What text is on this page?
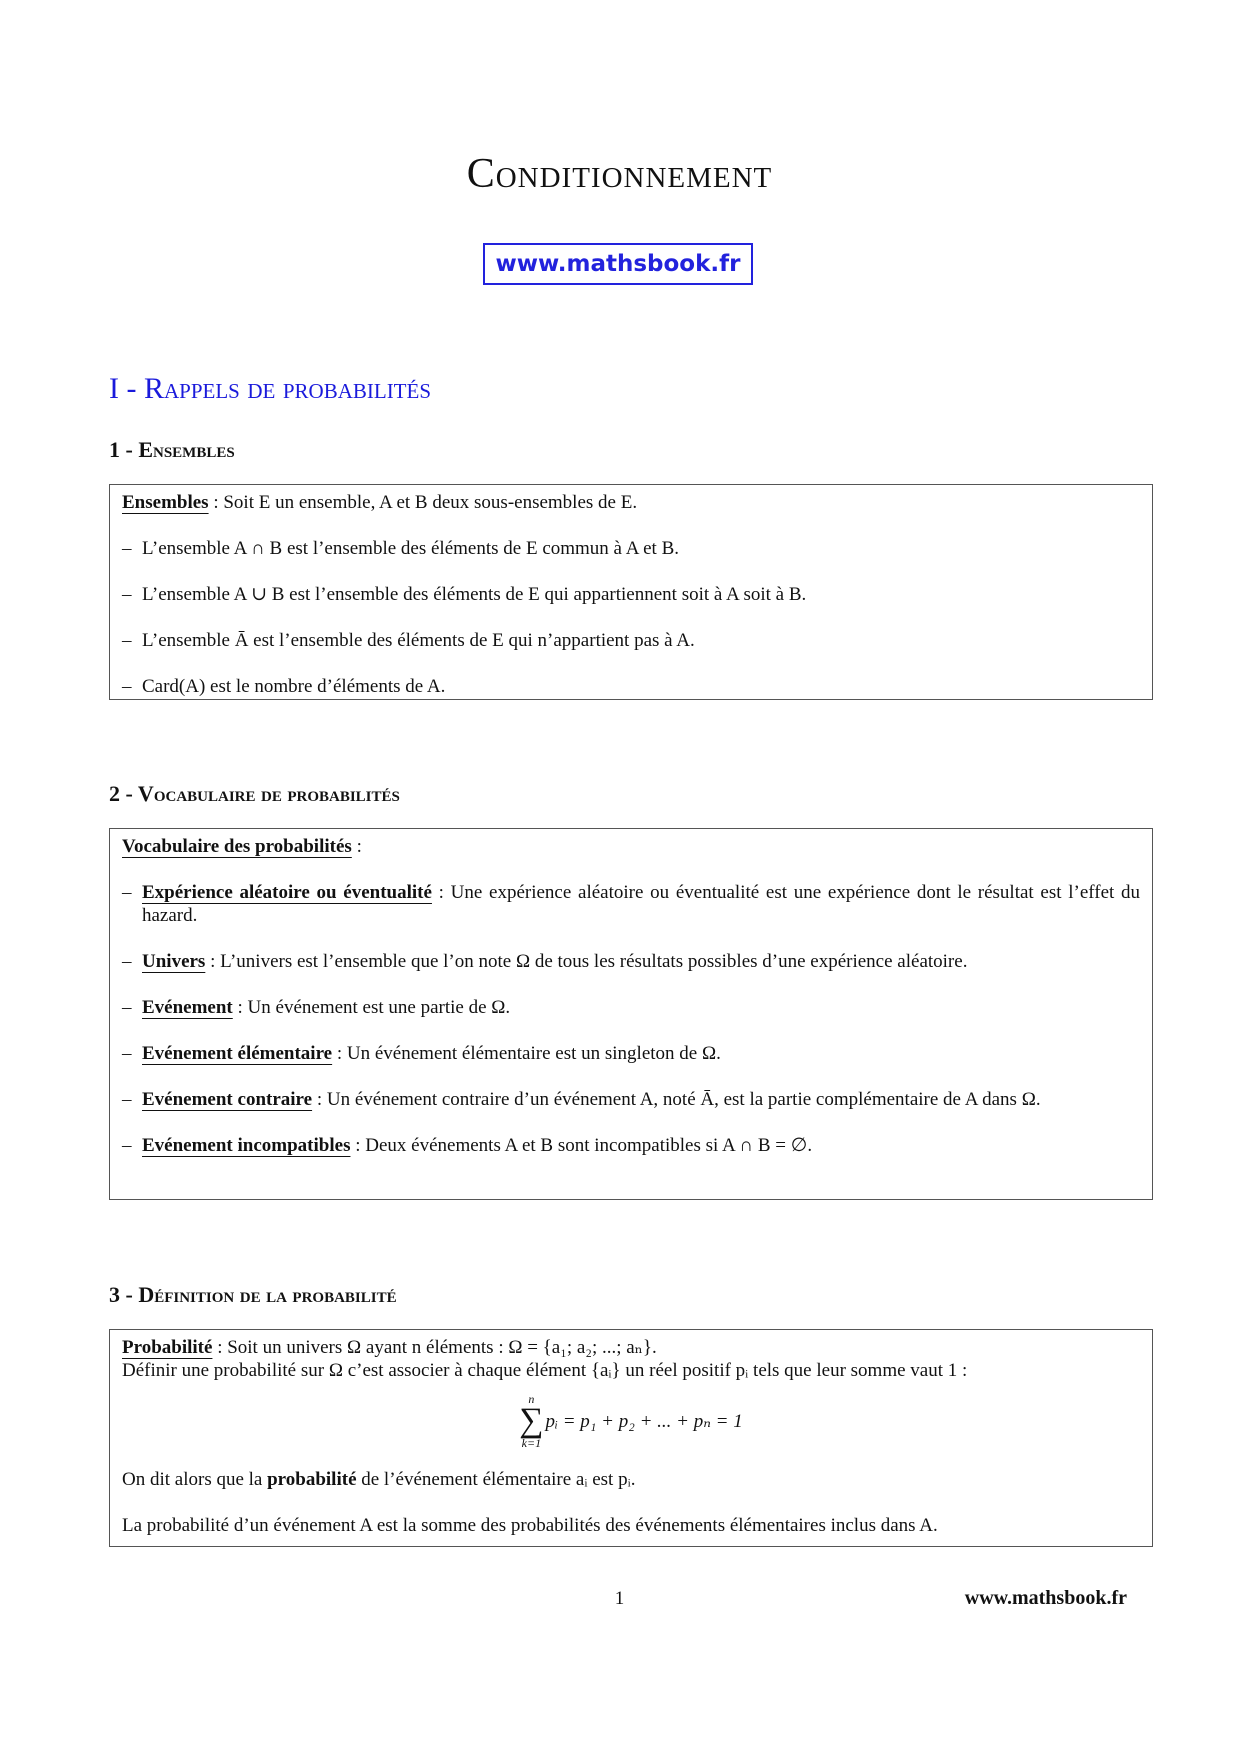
Conditionnement
www.mathsbook.fr
I - Rappels de probabilités
1 - Ensembles
Ensembles : Soit E un ensemble, A et B deux sous-ensembles de E.
– L’ensemble A ∩ B est l’ensemble des éléments de E commun à A et B.
– L’ensemble A ∪ B est l’ensemble des éléments de E qui appartiennent soit à A soit à B.
– L’ensemble Ā est l’ensemble des éléments de E qui n’appartient pas à A.
– Card(A) est le nombre d’éléments de A.
2 - Vocabulaire de probabilités
Vocabulaire des probabilités :
– Expérience aléatoire ou éventualité : Une expérience aléatoire ou éventualité est une expérience dont le résultat est l’effet du hazard.
– Univers : L’univers est l’ensemble que l’on note Ω de tous les résultats possibles d’une expérience aléatoire.
– Evénement : Un événement est une partie de Ω.
– Evénement élémentaire : Un événement élémentaire est un singleton de Ω.
– Evénement contraire : Un événement contraire d’un événement A, noté Ā, est la partie complémentaire de A dans Ω.
– Evénement incompatibles : Deux événements A et B sont incompatibles si A ∩ B = ∅.
3 - Définition de la probabilité
Probabilité : Soit un univers Ω ayant n éléments : Ω = {a₁; a₂; ...; aₙ}.
Définir une probabilité sur Ω c’est associer à chaque élément {aᵢ} un réel positif pᵢ tels que leur somme vaut 1 :
n
∑
k=1
pᵢ = p₁ + p₂ + ... + pₙ = 1
On dit alors que la probabilité de l’événement élémentaire aᵢ est pᵢ.
La probabilité d’un événement A est la somme des probabilités des événements élémentaires inclus dans A.
1	www.mathsbook.fr
